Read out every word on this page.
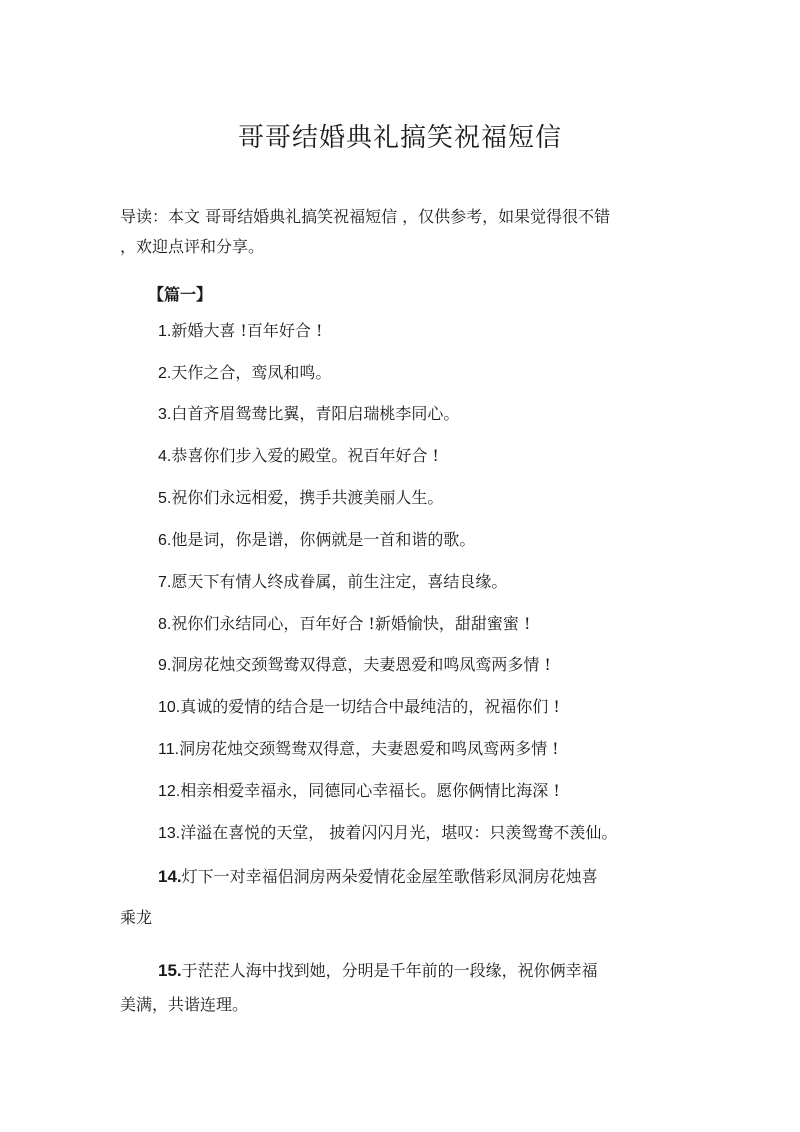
哥哥结婚典礼搞笑祝福短信
导读：本文 哥哥结婚典礼搞笑祝福短信 ，仅供参考，如果觉得很不错
，欢迎点评和分享。
【篇一】
1.新婚大喜 !百年好合 !
2.天作之合，鸾凤和鸣。
3.白首齐眉鸳鸯比翼，青阳启瑞桃李同心。
4.恭喜你们步入爱的殿堂。祝百年好合 !
5.祝你们永远相爱，携手共渡美丽人生。
6.他是词，你是谱，你俩就是一首和谐的歌。
7.愿天下有情人终成眷属，前生注定，喜结良缘。
8.祝你们永结同心，百年好合 !新婚愉快，甜甜蜜蜜 !
9.洞房花烛交颈鸳鸯双得意，夫妻恩爱和鸣凤鸾两多情 !
10.真诚的爱情的结合是一切结合中最纯洁的，祝福你们 !
11.洞房花烛交颈鸳鸯双得意，夫妻恩爱和鸣凤鸾两多情 !
12.相亲相爱幸福永，同德同心幸福长。愿你俩情比海深 !
13.洋溢在喜悦的天堂， 披着闪闪月光，堪叹：只羡鸳鸯不羡仙。
14.灯下一对幸福侣洞房两朵爱情花金屋笙歌偕彩凤洞房花烛喜
乘龙
15.于茫茫人海中找到她，分明是千年前的一段缘，祝你俩幸福
美满，共谐连理。
